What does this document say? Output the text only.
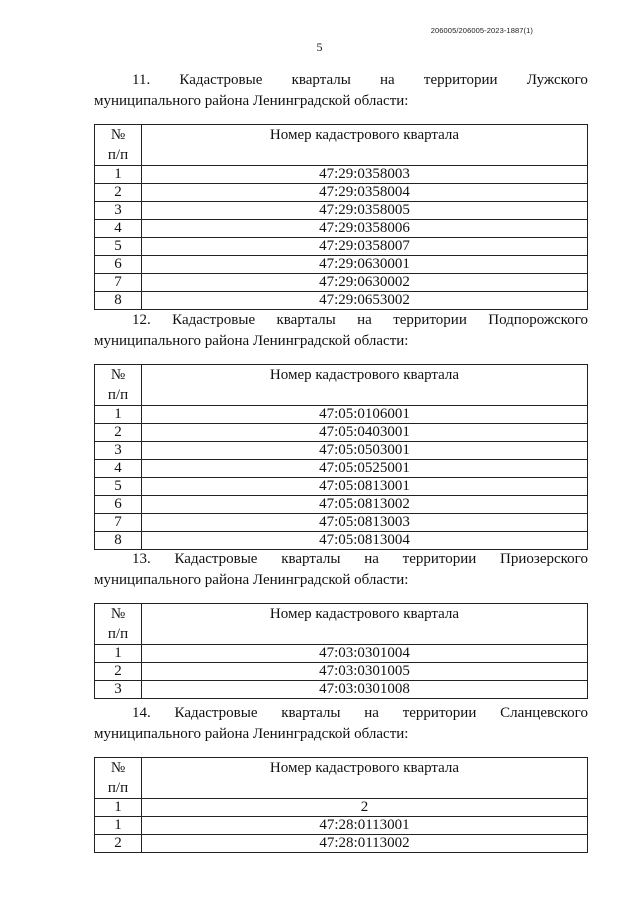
206005/206005-2023-1887(1)
5
11. Кадастровые кварталы на территории Лужского
муниципального района Ленинградской области:
№
п/п	Номер кадастрового квартала
1	47:29:0358003
2	47:29:0358004
3	47:29:0358005
4	47:29:0358006
5	47:29:0358007
6	47:29:0630001
7	47:29:0630002
8	47:29:0653002
12. Кадастровые кварталы на территории Подпорожского
муниципального района Ленинградской области:
№
п/п	Номер кадастрового квартала
1	47:05:0106001
2	47:05:0403001
3	47:05:0503001
4	47:05:0525001
5	47:05:0813001
6	47:05:0813002
7	47:05:0813003
8	47:05:0813004
13. Кадастровые кварталы на территории Приозерского
муниципального района Ленинградской области:
№
п/п	Номер кадастрового квартала
1	47:03:0301004
2	47:03:0301005
3	47:03:0301008
14. Кадастровые кварталы на территории Сланцевского
муниципального района Ленинградской области:
№
п/п	Номер кадастрового квартала
1	2
1	47:28:0113001
2	47:28:0113002
